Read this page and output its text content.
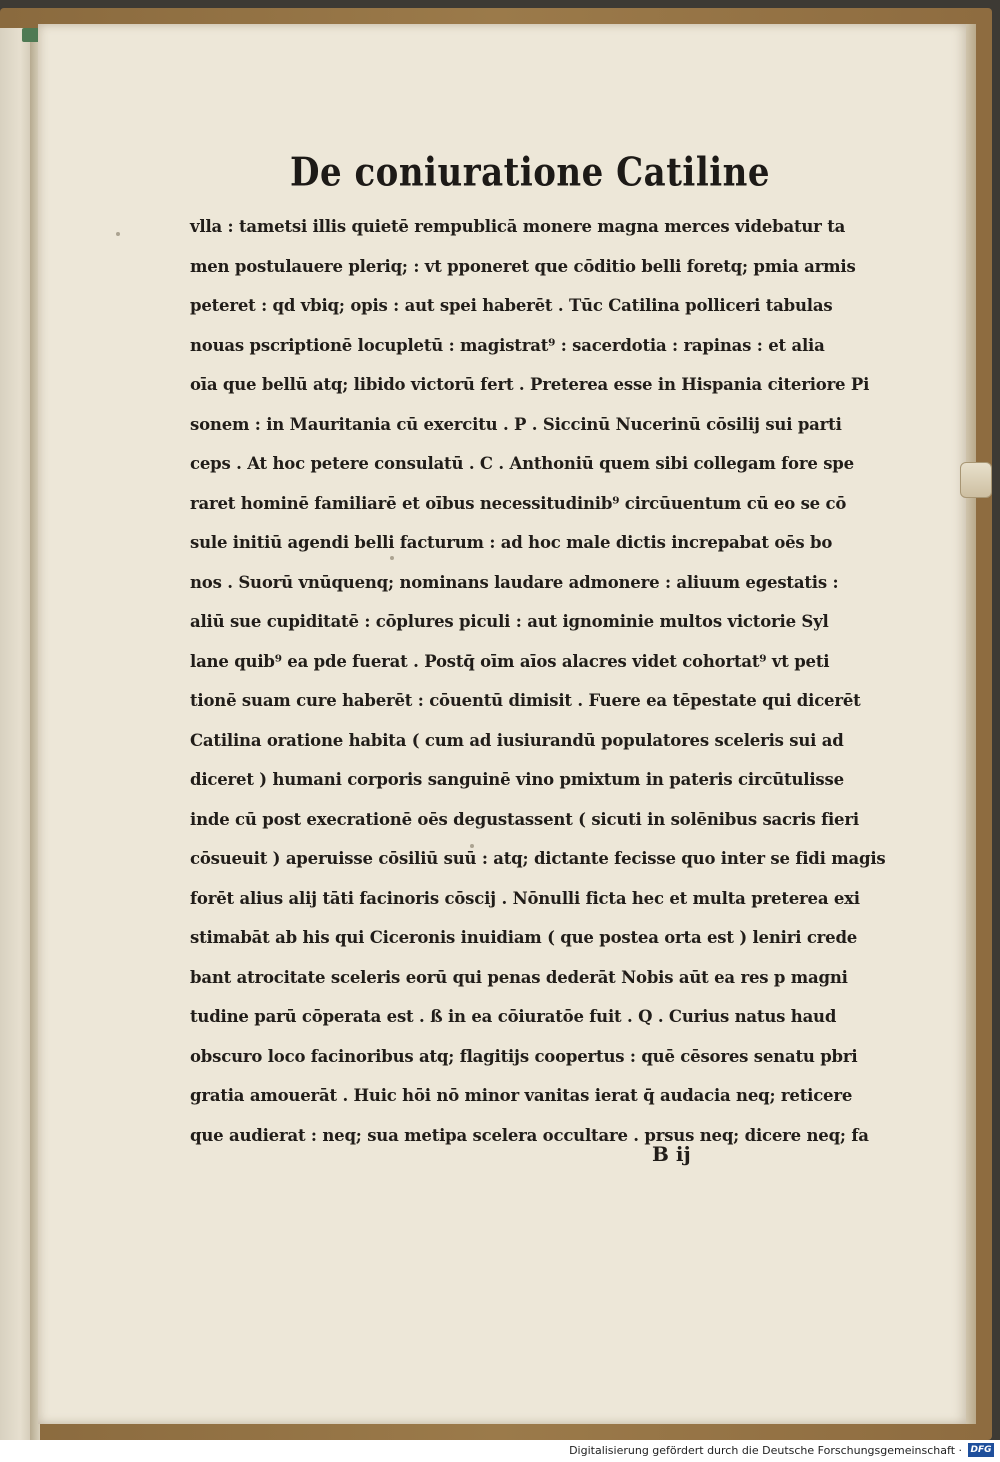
De coniuratione Catiline
vlla : tametsi illis quietē rempublicā monere magna merces videbatur ta
men postulauere pleriq; : vt pponeret que cōditio belli foretq; pmia armis
peteret : qd vbiq; opis : aut spei haberēt . Tūc Catilina polliceri tabulas
nouas pscriptionē locupletū : magistrat⁹ : sacerdotia : rapinas : et alia
oīa que bellū atq; libido victorū fert . Preterea esse in Hispania citeriore Pi
sonem : in Mauritania cū exercitu . P . Siccinū Nucerinū cōsilij sui parti
ceps . At hoc petere consulatū . C . Anthoniū quem sibi collegam fore spe
raret hominē familiarē et oībus necessitudinib⁹ circūuentum cū eo se cō
sule initiū agendi belli facturum : ad hoc male dictis increpabat oēs bo
nos . Suorū vnūquenq; nominans laudare admonere : aliuum egestatis :
aliū sue cupiditatē : cōplures piculi : aut ignominie multos victorie Syl
lane quib⁹ ea pde fuerat . Postq̄ oīm aīos alacres videt cohortat⁹ vt peti
tionē suam cure haberēt : cōuentū dimisit . Fuere ea tēpestate qui dicerēt
Catilina oratione habita ( cum ad iusiurandū populatores sceleris sui ad
diceret ) humani corporis sanguinē vino pmixtum in pateris circūtulisse
inde cū post execrationē oēs degustassent ( sicuti in solēnibus sacris fieri
cōsueuit ) aperuisse cōsiliū suū : atq; dictante fecisse quo inter se fidi magis
forēt alius alij tāti facinoris cōscij . Nōnulli ficta hec et multa preterea exi
stimabāt ab his qui Ciceronis inuidiam ( que postea orta est ) leniri crede
bant atrocitate sceleris eorū qui penas dederāt Nobis aūt ea res p magni
tudine parū cōperata est . ß in ea cōiuratōe fuit . Q . Curius natus haud
obscuro loco facinoribus atq; flagitijs coopertus : quē cēsores senatu pbri
gratia amouerāt . Huic hōi nō minor vanitas ierat q̄ audacia neq; reticere
que audierat : neq; sua metipa scelera occultare . prsus neq; dicere neq; fa
B ij
Digitalisierung gefördert durch die Deutsche Forschungsgemeinschaft · DFG
